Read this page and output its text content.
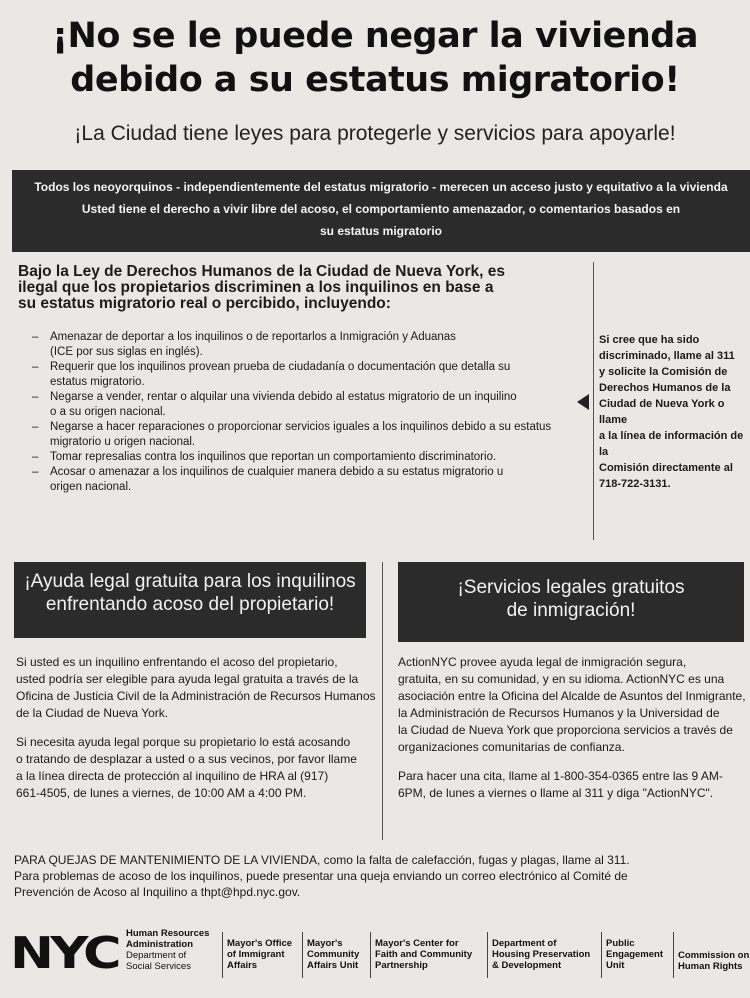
¡No se le puede negar la vivienda
debido a su estatus migratorio!
¡La Ciudad tiene leyes para protegerle y servicios para apoyarle!
Todos los neoyorquinos - independientemente del estatus migratorio - merecen un acceso justo y equitativo a la vivienda
Usted tiene el derecho a vivir libre del acoso, el comportamiento amenazador, o comentarios basados en
su estatus migratorio
Bajo la Ley de Derechos Humanos de la Ciudad de Nueva York, es
ilegal que los propietarios discriminen a los inquilinos en base a
su estatus migratorio real o percibido, incluyendo:
– Amenazar de deportar a los inquilinos o de reportarlos a Inmigración y Aduanas
(ICE por sus siglas en inglés).
– Requerir que los inquilinos provean prueba de ciudadanía o documentación que detalla su
estatus migratorio.
– Negarse a vender, rentar o alquilar una vivienda debido al estatus migratorio de un inquilino
o a su origen nacional.
– Negarse a hacer reparaciones o proporcionar servicios iguales a los inquilinos debido a su estatus
migratorio u origen nacional.
– Tomar represalias contra los inquilinos que reportan un comportamiento discriminatorio.
– Acosar o amenazar a los inquilinos de cualquier manera debido a su estatus migratorio u
origen nacional.
Si cree que ha sido
discriminado, llame al 311
y solicite la Comisión de
Derechos Humanos de la
Ciudad de Nueva York o llame
a la línea de información de la
Comisión directamente al
718-722-3131.
¡Ayuda legal gratuita para los inquilinos
enfrentando acoso del propietario!

Si usted es un inquilino enfrentando el acoso del propietario,
usted podría ser elegible para ayuda legal gratuita a través de la
Oficina de Justicia Civil de la Administración de Recursos Humanos
de la Ciudad de Nueva York.

Si necesita ayuda legal porque su propietario lo está acosando
o tratando de desplazar a usted o a sus vecinos, por favor llame
a la línea directa de protección al inquilino de HRA al (917)
661-4505, de lunes a viernes, de 10:00 AM a 4:00 PM.

¡Servicios legales gratuitos
de inmigración!

ActionNYC provee ayuda legal de inmigración segura,
gratuita, en su comunidad, y en su idioma. ActionNYC es una
asociación entre la Oficina del Alcalde de Asuntos del Inmigrante,
la Administración de Recursos Humanos y la Universidad de
la Ciudad de Nueva York que proporciona servicios a través de
organizaciones comunitarias de confianza.

Para hacer una cita, llame al 1-800-354-0365 entre las 9 AM-
6PM, de lunes a viernes o llame al 311 y diga "ActionNYC".

PARA QUEJAS DE MANTENIMIENTO DE LA VIVIENDA, como la falta de calefacción, fugas y plagas, llame al 311.
Para problemas de acoso de los inquilinos, puede presentar una queja enviando un correo electrónico al Comité de
Prevención de Acoso al Inquilino a thpt@hpd.nyc.gov.
NYC Human Resources
Administration
Department of
Social Services
Mayor's Office
of Immigrant
Affairs
Mayor's
Community
Affairs Unit
Mayor's Center for
Faith and Community
Partnership
Department of
Housing Preservation
& Development
Public
Engagement
Unit
Commission on
Human Rights
